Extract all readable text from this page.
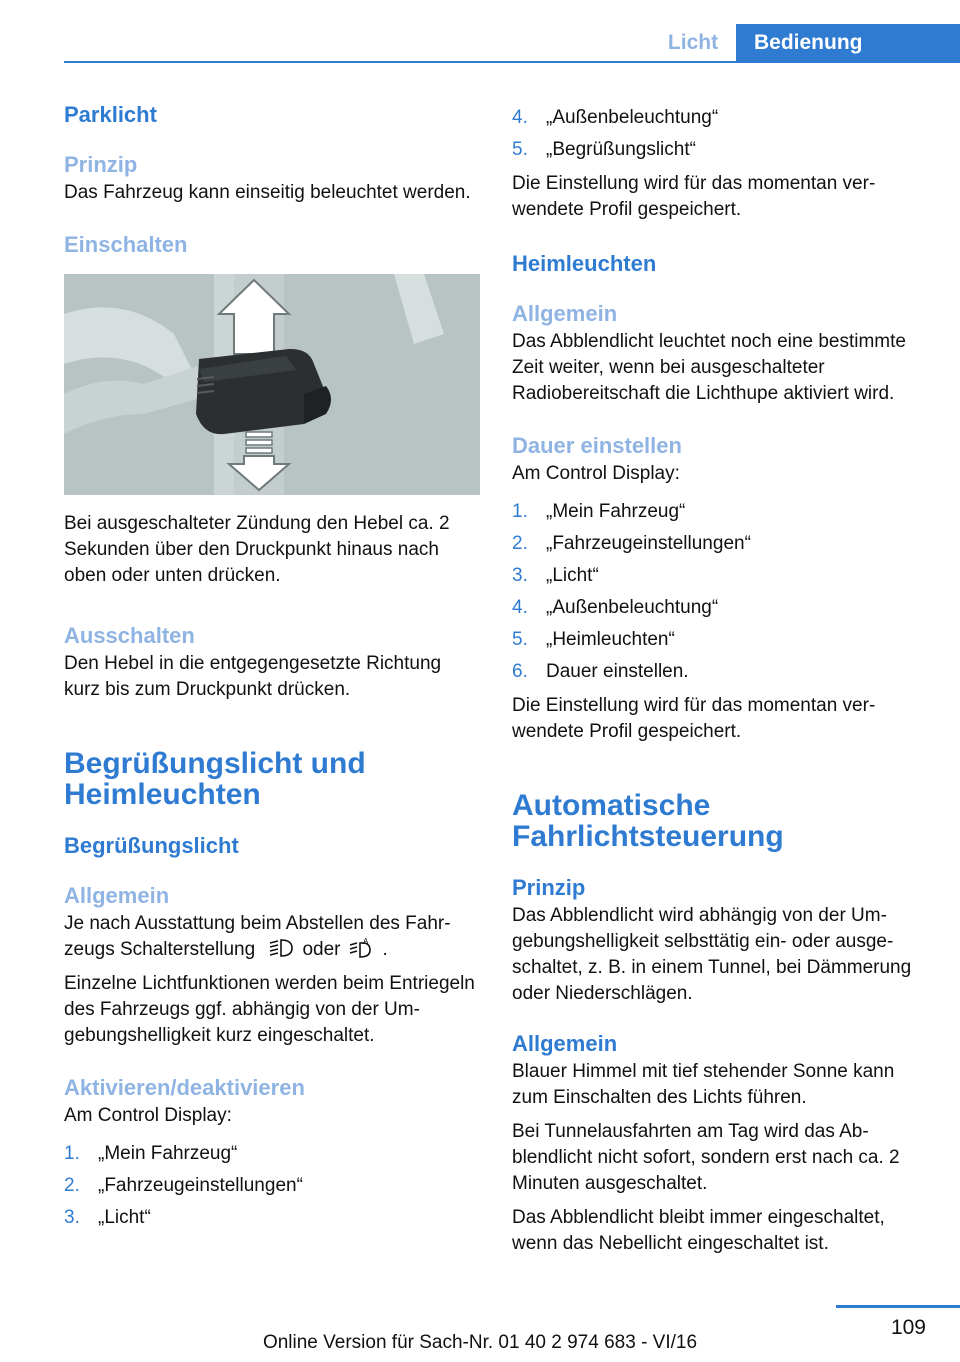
Licht	Bedienung
Parklicht
Prinzip
Das Fahrzeug kann einseitig beleuchtet werden.
Einschalten
Bei ausgeschalteter Zündung den Hebel ca. 2 Sekunden über den Druckpunkt hinaus nach oben oder unten drücken.
Ausschalten
Den Hebel in die entgegengesetzte Richtung kurz bis zum Druckpunkt drücken.
Begrüßungslicht und Heimleuchten
Begrüßungslicht
Allgemein
Je nach Ausstattung beim Abstellen des Fahrzeugs Schalterstellung oder	A .
Einzelne Lichtfunktionen werden beim Entriegeln des Fahrzeugs ggf. abhängig von der Umgebungshelligkeit kurz eingeschaltet.
Aktivieren/deaktivieren
Am Control Display:
1. „Mein Fahrzeug“
2. „Fahrzeugeinstellungen“
3. „Licht“
4. „Außenbeleuchtung“
5. „Begrüßungslicht“
Die Einstellung wird für das momentan verwendete Profil gespeichert.
Heimleuchten
Allgemein
Das Abblendlicht leuchtet noch eine bestimmte Zeit weiter, wenn bei ausgeschalteter Radiobereitschaft die Lichthupe aktiviert wird.
Dauer einstellen
Am Control Display:
1. „Mein Fahrzeug“
2. „Fahrzeugeinstellungen“
3. „Licht“
4. „Außenbeleuchtung“
5. „Heimleuchten“
6. Dauer einstellen.
Die Einstellung wird für das momentan verwendete Profil gespeichert.
Automatische Fahrlichtsteuerung
Prinzip
Das Abblendlicht wird abhängig von der Umgebungshelligkeit selbsttätig ein- oder ausgeschaltet, z. B. in einem Tunnel, bei Dämmerung oder Niederschlägen.
Allgemein
Blauer Himmel mit tief stehender Sonne kann zum Einschalten des Lichts führen.
Bei Tunnelausfahrten am Tag wird das Abblendlicht nicht sofort, sondern erst nach ca. 2 Minuten ausgeschaltet.
Das Abblendlicht bleibt immer eingeschaltet, wenn das Nebellicht eingeschaltet ist.
109
Online Version für Sach-Nr. 01 40 2 974 683 - VI/16
